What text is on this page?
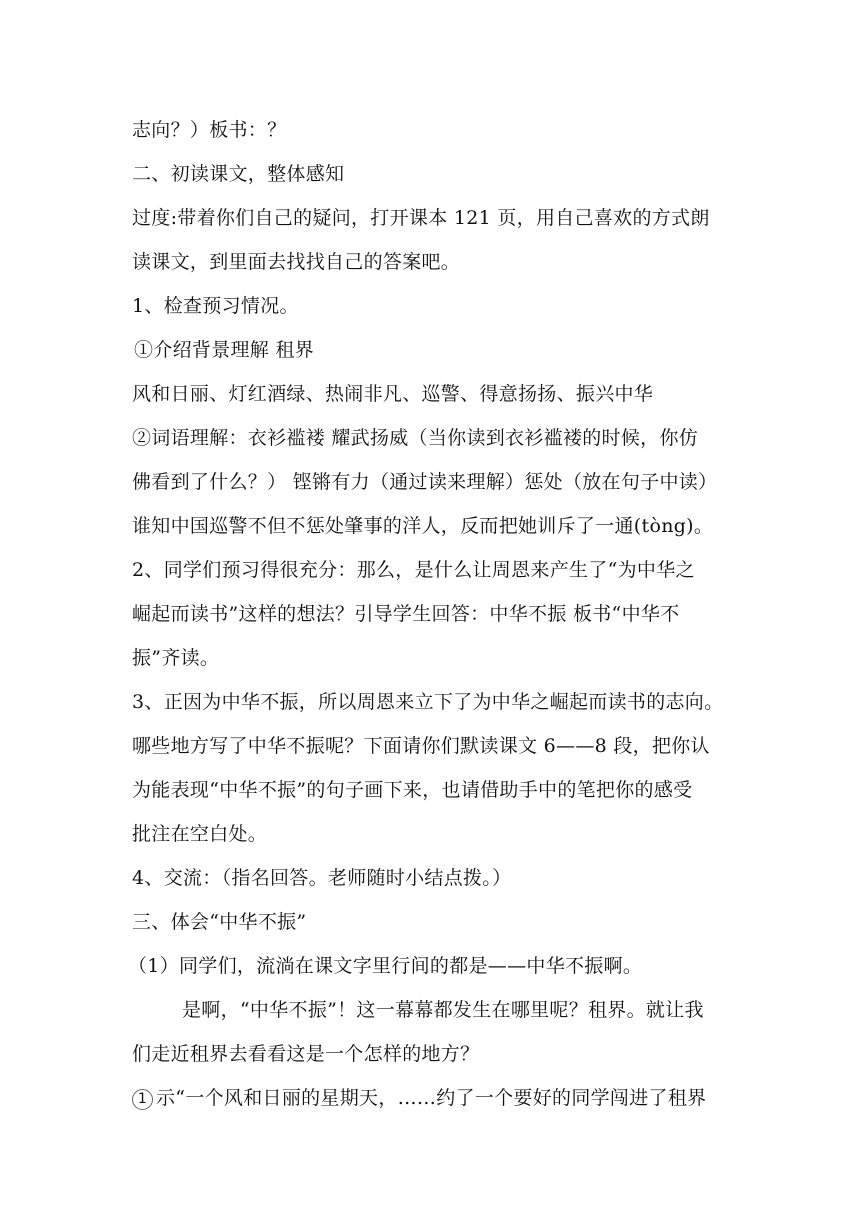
志向？）板书：？
二、初读课文，整体感知
过度:带着你们自己的疑问，打开课本 121 页，用自己喜欢的方式朗
读课文，到里面去找找自己的答案吧。
1、检查预习情况。
①介绍背景理解 租界
风和日丽、灯红酒绿、热闹非凡、巡警、得意扬扬、振兴中华
②词语理解：衣衫褴褛 耀武扬威（当你读到衣衫褴褛的时候，你仿
佛看到了什么？） 铿锵有力（通过读来理解）惩处（放在句子中读）
谁知中国巡警不但不惩处肇事的洋人，反而把她训斥了一通(tòng)。
2、同学们预习得很充分：那么，是什么让周恩来产生了“为中华之
崛起而读书”这样的想法？引导学生回答：中华不振 板书“中华不
振”齐读。
3、正因为中华不振，所以周恩来立下了为中华之崛起而读书的志向。
哪些地方写了中华不振呢？下面请你们默读课文 6——8 段，把你认
为能表现“中华不振”的句子画下来，也请借助手中的笔把你的感受
批注在空白处。
4、交流：（指名回答。老师随时小结点拨。）
三、体会“中华不振”
（1）同学们，流淌在课文字里行间的都是——中华不振啊。
是啊，“中华不振”！这一幕幕都发生在哪里呢？租界。就让我
们走近租界去看看这是一个怎样的地方？
1 示“一个风和日丽的星期天，……约了一个要好的同学闯进了租界
